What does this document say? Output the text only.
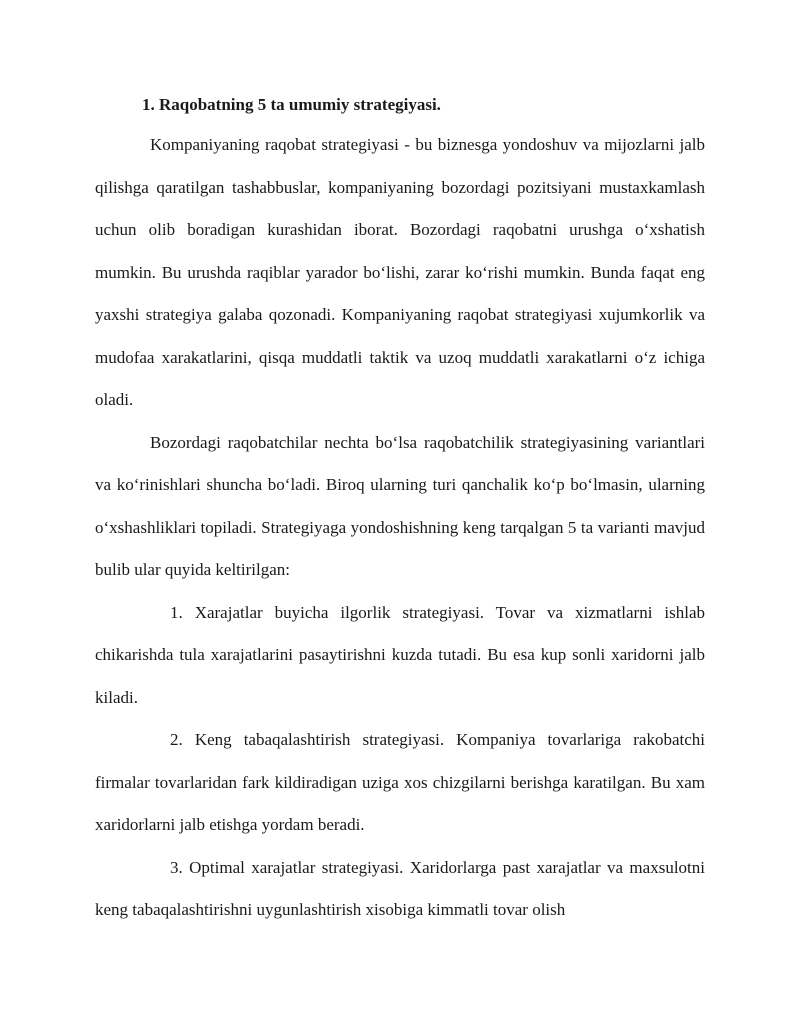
1. Raqobatning 5 ta umumiy strategiyasi.

Kompaniyaning raqobat strategiyasi - bu biznesga yondoshuv va mijozlarni jalb qilishga qaratilgan tashabbuslar, kompaniyaning bozordagi pozitsiyani mustaxkamlash uchun olib boradigan kurashidan iborat. Bozordagi raqobatni urushga oʻxshatish mumkin. Bu urushda raqiblar yarador boʻlishi, zarar koʻrishi mumkin. Bunda faqat eng yaxshi strategiya galaba qozonadi. Kompaniyaning raqobat strategiyasi xujumkorlik va mudofaa xarakatlarini, qisqa muddatli taktik va uzoq muddatli xarakatlarni oʻz ichiga oladi.

Bozordagi raqobatchilar nechta boʻlsa raqobatchilik strategiyasining variantlari va koʻrinishlari shuncha boʻladi. Biroq ularning turi qanchalik koʻp boʻlmasin, ularning oʻxshashliklari topiladi. Strategiyaga yondoshishning keng tarqalgan 5 ta varianti mavjud bulib ular quyida keltirilgan:

1. Xarajatlar buyicha ilgorlik strategiyasi. Tovar va xizmatlarni ishlab chikarishda tula xarajatlarini pasaytirishni kuzda tutadi. Bu esa kup sonli xaridorni jalb kiladi.

2. Keng tabaqalashtirish strategiyasi. Kompaniya tovarlariga rakobatchi firmalar tovarlaridan fark kildiradigan uziga xos chizgilarni berishga karatilgan. Bu xam xaridorlarni jalb etishga yordam beradi.

3. Optimal xarajatlar strategiyasi. Xaridorlarga past xarajatlar va maxsulotni keng tabaqalashtirishni uygunlashtirish xisobiga kimmatli tovar olish
